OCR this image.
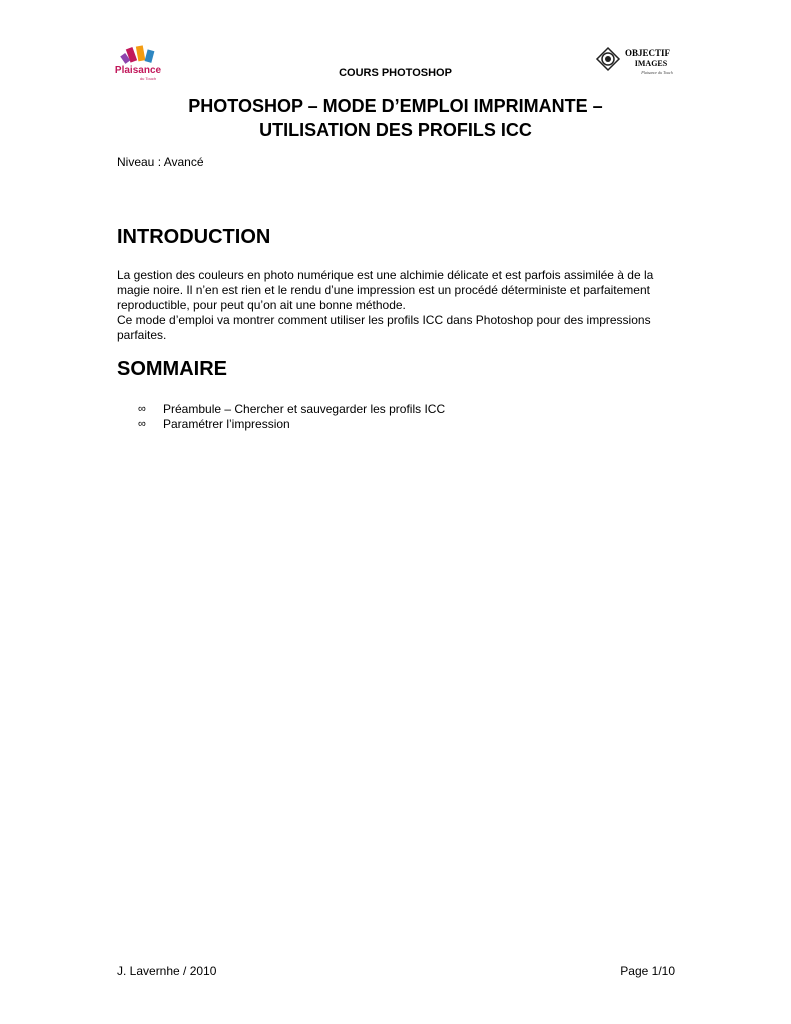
Plaisance
du Touch	COURS PHOTOSHOP
OBJECTIF
IMAGES
Plaisance du Touch
PHOTOSHOP – MODE D’EMPLOI IMPRIMANTE –
UTILISATION DES PROFILS ICC
Niveau : Avancé
INTRODUCTION
La gestion des couleurs en photo numérique est une alchimie délicate et est parfois assimilée à de la magie noire. Il n’en est rien et le rendu d’une impression est un procédé déterministe et parfaitement reproductible, pour peut qu’on ait une bonne méthode.
Ce mode d’emploi va montrer comment utiliser les profils ICC dans Photoshop pour des impressions parfaites.
SOMMAIRE
∞ Préambule – Chercher et sauvegarder les profils ICC
∞ Paramétrer l’impression
J. Lavernhe / 2010	Page 1/10
